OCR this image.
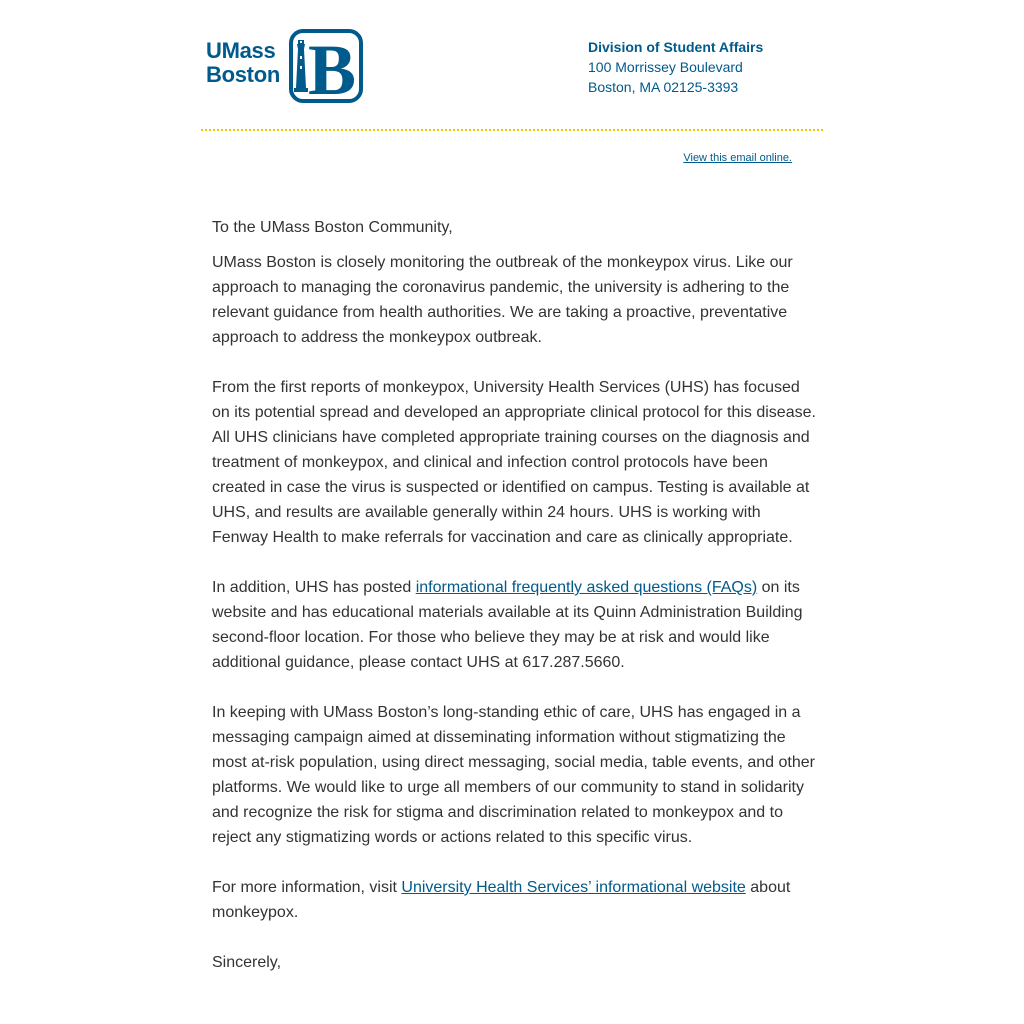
UMass
Boston B	Division of Student Affairs
100 Morrissey Boulevard
Boston, MA 02125-3393
View this email online.

To the UMass Boston Community,

UMass Boston is closely monitoring the outbreak of the monkeypox virus. Like our approach to managing the coronavirus pandemic, the university is adhering to the relevant guidance from health authorities. We are taking a proactive, preventative approach to address the monkeypox outbreak.

From the first reports of monkeypox, University Health Services (UHS) has focused on its potential spread and developed an appropriate clinical protocol for this disease. All UHS clinicians have completed appropriate training courses on the diagnosis and treatment of monkeypox, and clinical and infection control protocols have been created in case the virus is suspected or identified on campus. Testing is available at UHS, and results are available generally within 24 hours. UHS is working with Fenway Health to make referrals for vaccination and care as clinically appropriate.

In addition, UHS has posted informational frequently asked questions (FAQs) on its website and has educational materials available at its Quinn Administration Building second-floor location. For those who believe they may be at risk and would like additional guidance, please contact UHS at 617.287.5660.

In keeping with UMass Boston’s long-standing ethic of care, UHS has engaged in a messaging campaign aimed at disseminating information without stigmatizing the most at-risk population, using direct messaging, social media, table events, and other platforms. We would like to urge all members of our community to stand in solidarity and recognize the risk for stigma and discrimination related to monkeypox and to reject any stigmatizing words or actions related to this specific virus.

For more information, visit University Health Services’ informational website about monkeypox.

Sincerely,
